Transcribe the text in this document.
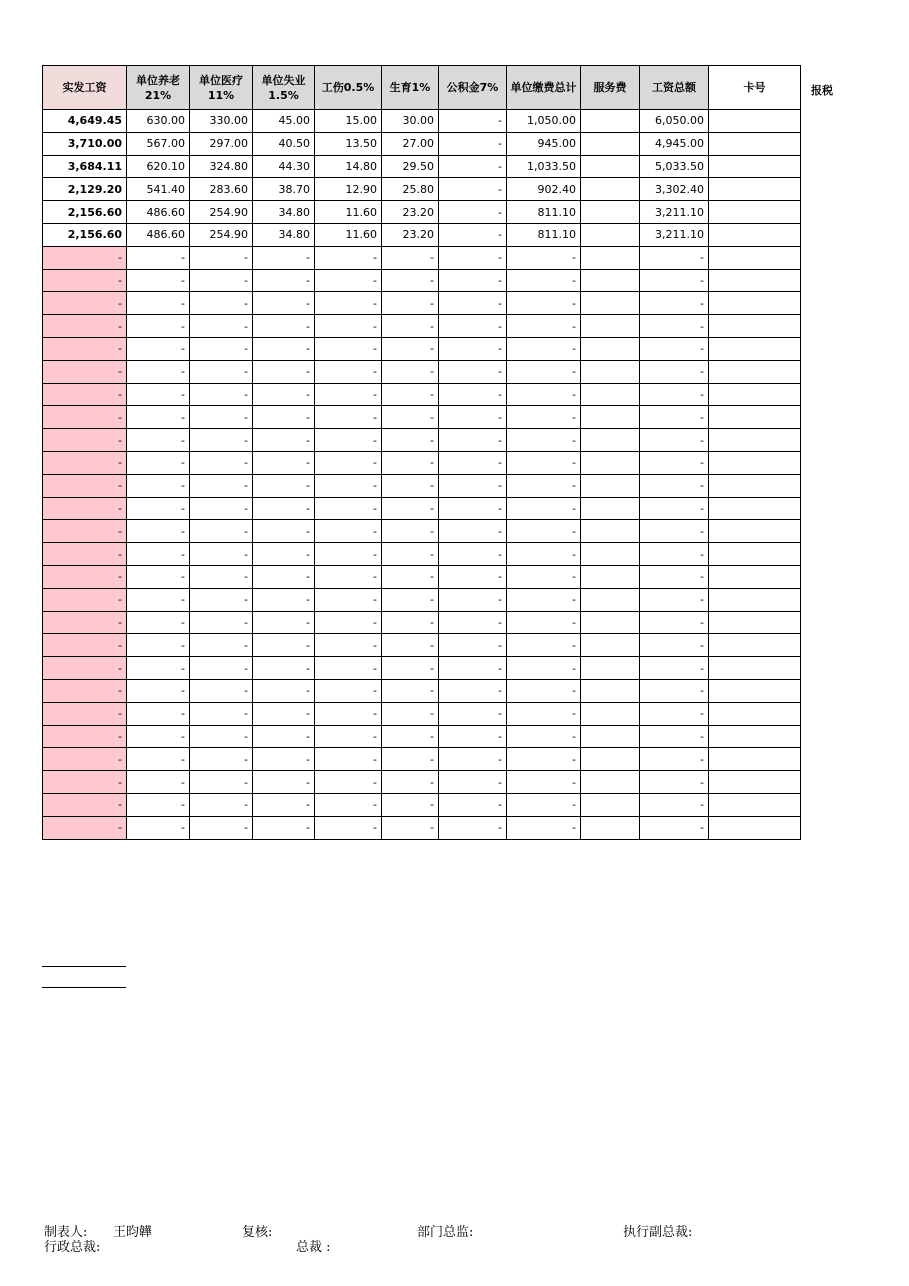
实发工资	单位养老21%	单位医疗11%	单位失业1.5%	工伤0.5%	生育1%	公积金7%	单位缴费总计	服务费	工资总额	卡号
4,649.45	630.00	330.00	45.00	15.00	30.00	-	1,050.00		6,050.00	
3,710.00	567.00	297.00	40.50	13.50	27.00	-	945.00		4,945.00	
3,684.11	620.10	324.80	44.30	14.80	29.50	-	1,033.50		5,033.50	
2,129.20	541.40	283.60	38.70	12.90	25.80	-	902.40		3,302.40	
2,156.60	486.60	254.90	34.80	11.60	23.20	-	811.10		3,211.10	
2,156.60	486.60	254.90	34.80	11.60	23.20	-	811.10		3,211.10	
-	-	-	-	-	-	-	-		-	
-	-	-	-	-	-	-	-		-	
-	-	-	-	-	-	-	-		-	
-	-	-	-	-	-	-	-		-	
-	-	-	-	-	-	-	-		-	
-	-	-	-	-	-	-	-		-	
-	-	-	-	-	-	-	-		-	
-	-	-	-	-	-	-	-		-	
-	-	-	-	-	-	-	-		-	
-	-	-	-	-	-	-	-		-	
-	-	-	-	-	-	-	-		-	
-	-	-	-	-	-	-	-		-	
-	-	-	-	-	-	-	-		-	
-	-	-	-	-	-	-	-		-	
-	-	-	-	-	-	-	-		-	
-	-	-	-	-	-	-	-		-	
-	-	-	-	-	-	-	-		-	
-	-	-	-	-	-	-	-		-	
-	-	-	-	-	-	-	-		-	
-	-	-	-	-	-	-	-		-	
-	-	-	-	-	-	-	-		-	
-	-	-	-	-	-	-	-		-	
-	-	-	-	-	-	-	-		-	
-	-	-	-	-	-	-	-		-	
-	-	-	-	-	-	-	-		-	
-	-	-	-	-	-	-	-		-	
报税
制表人: 王昀韡	复核:	部门总监:	执行副总裁:
行政总裁:	总裁 :
